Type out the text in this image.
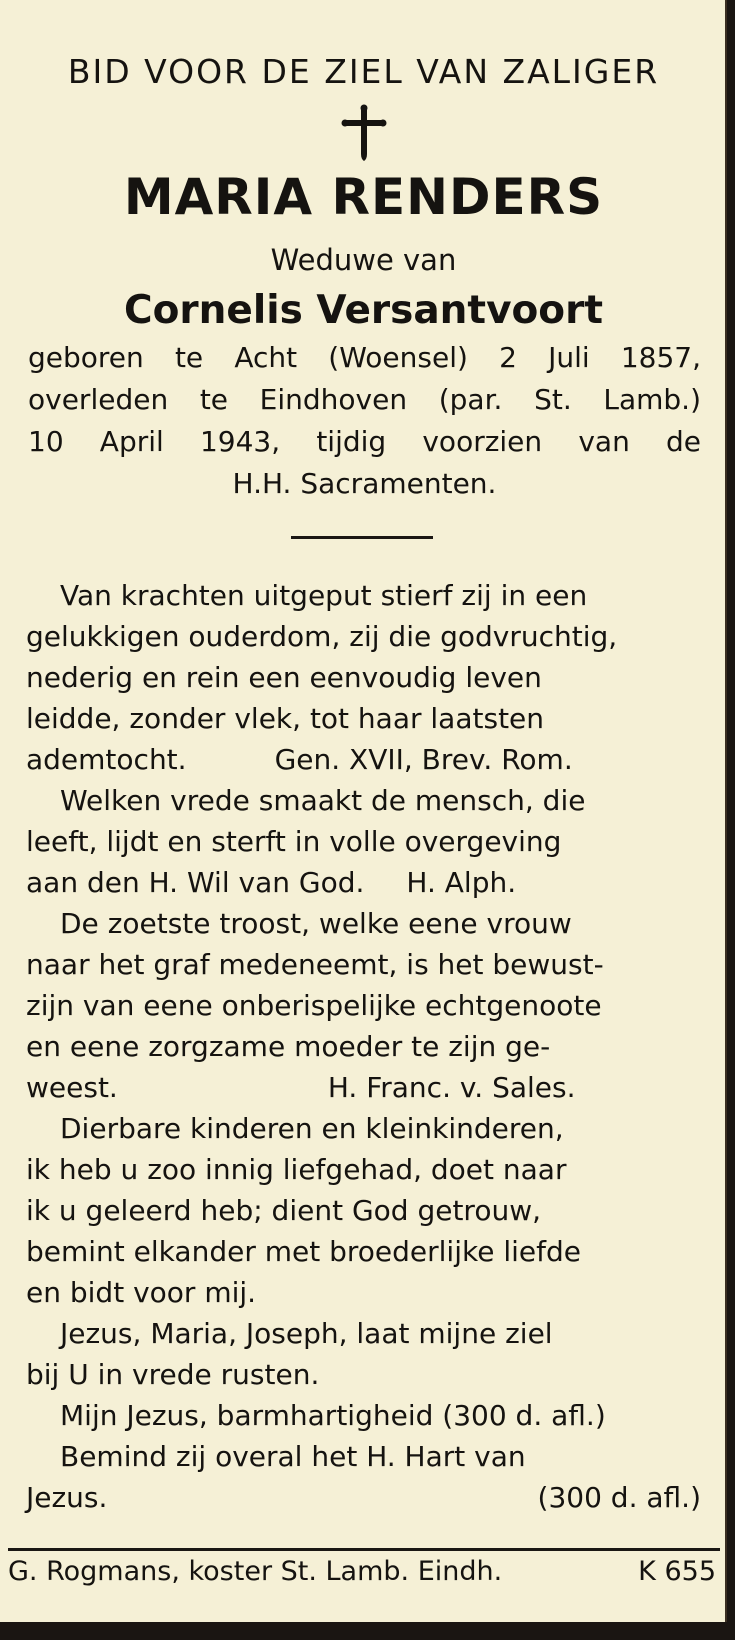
BID VOOR DE ZIEL VAN ZALIGER
MARIA RENDERS
Weduwe van
Cornelis Versantvoort
geboren te Acht (Woensel) 2 Juli 1857,
overleden te Eindhoven (par. St. Lamb.)
10 April 1943, tijdig voorzien van de
H.H. Sacramenten.
Van krachten uitgeput stierf zij in een
gelukkigen ouderdom, zij die godvruchtig,
nederig en rein een eenvoudig leven
leidde, zonder vlek, tot haar laatsten
ademtocht.	Gen. XVII, Brev. Rom.
Welken vrede smaakt de mensch, die
leeft, lijdt en sterft in volle overgeving
aan den H. Wil van God. H. Alph.
De zoetste troost, welke eene vrouw
naar het graf medeneemt, is het bewust-
zijn van eene onberispelijke echtgenoote
en eene zorgzame moeder te zijn ge-
weest.	H. Franc. v. Sales.
Dierbare kinderen en kleinkinderen,
ik heb u zoo innig liefgehad, doet naar
ik u geleerd heb; dient God getrouw,
bemint elkander met broederlijke liefde
en bidt voor mij.
Jezus, Maria, Joseph, laat mijne ziel
bij U in vrede rusten.
Mijn Jezus, barmhartigheid (300 d. afl.)
Bemind zij overal het H. Hart van
Jezus.	(300 d. afl.)
G. Rogmans, koster St. Lamb. Eindh.	K 655
